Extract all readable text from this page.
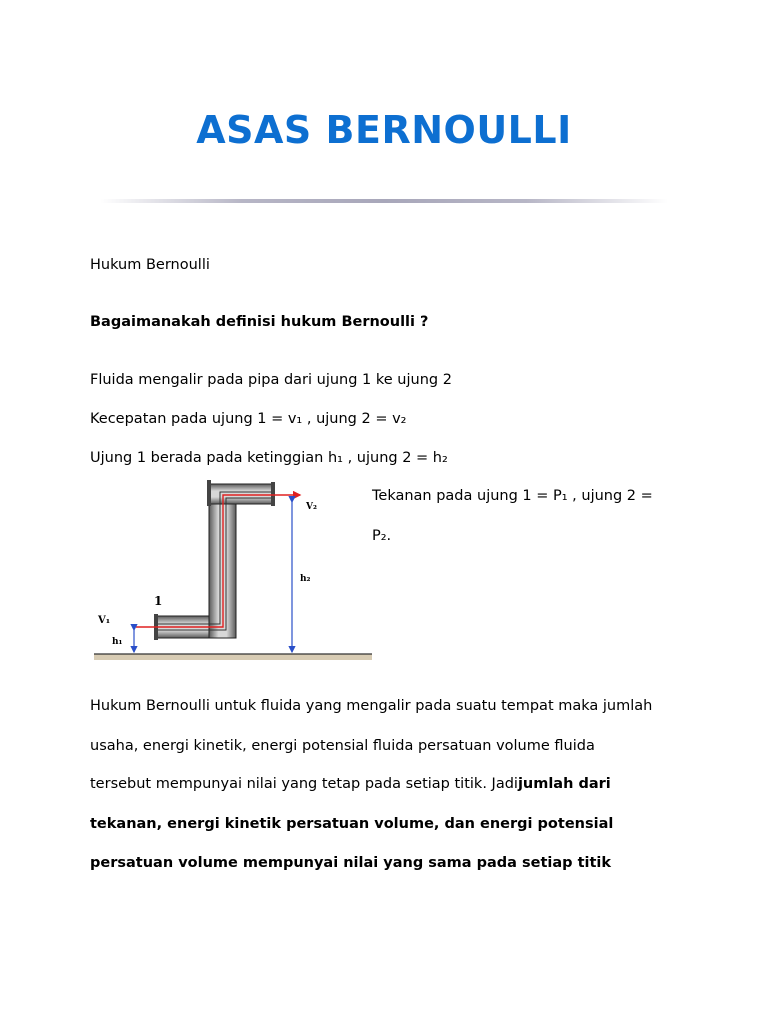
ASAS BERNOULLI

Hukum Bernoulli

Bagaimanakah definisi hukum Bernoulli ?

Fluida mengalir pada pipa dari ujung 1 ke ujung 2

Kecepatan pada ujung 1 = v₁ , ujung 2 = v₂

Ujung 1 berada pada ketinggian h₁ , ujung 2 = h₂

Tekanan pada ujung 1 = P₁ , ujung 2 =

P₂.

V₁
h₁
1
V₂
h₂

Hukum Bernoulli untuk fluida yang mengalir pada suatu tempat maka jumlah

usaha, energi kinetik, energi potensial fluida persatuan volume fluida

tersebut mempunyai nilai yang tetap pada setiap titik. Jadijumlah dari

tekanan, energi kinetik persatuan volume, dan energi potensial

persatuan volume mempunyai nilai yang sama pada setiap titik
